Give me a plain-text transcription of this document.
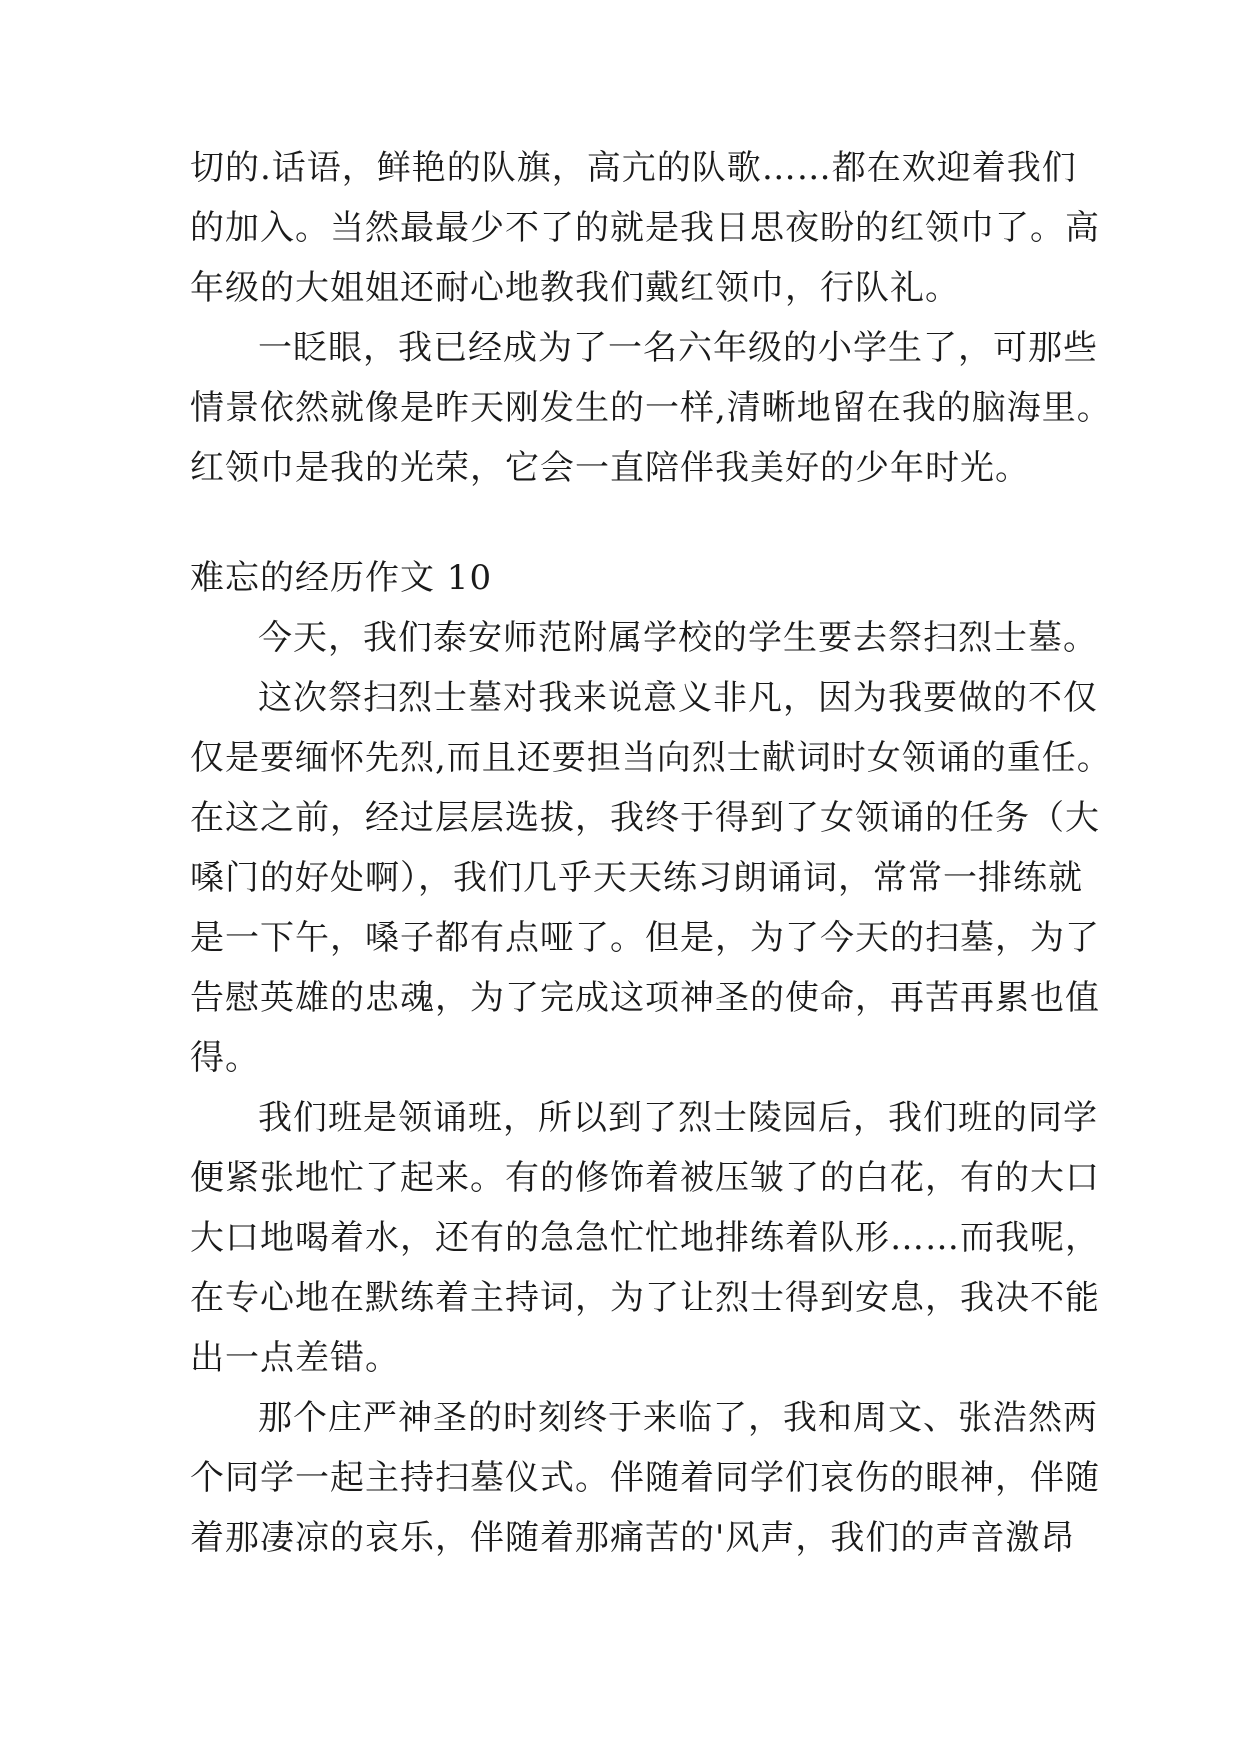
切的.话语，鲜艳的队旗，高亢的队歌……都在欢迎着我们
的加入。当然最最少不了的就是我日思夜盼的红领巾了。高
年级的大姐姐还耐心地教我们戴红领巾，行队礼。
一眨眼，我已经成为了一名六年级的小学生了，可那些
情景依然就像是昨天刚发生的一样,清晰地留在我的脑海里。
红领巾是我的光荣，它会一直陪伴我美好的少年时光。
难忘的经历作文 10
今天，我们泰安师范附属学校的学生要去祭扫烈士墓。
这次祭扫烈士墓对我来说意义非凡，因为我要做的不仅
仅是要缅怀先烈,而且还要担当向烈士献词时女领诵的重任。
在这之前，经过层层选拔，我终于得到了女领诵的任务（大
嗓门的好处啊），我们几乎天天练习朗诵词，常常一排练就
是一下午，嗓子都有点哑了。但是，为了今天的扫墓，为了
告慰英雄的忠魂，为了完成这项神圣的使命，再苦再累也值
得。
我们班是领诵班，所以到了烈士陵园后，我们班的同学
便紧张地忙了起来。有的修饰着被压皱了的白花，有的大口
大口地喝着水，还有的急急忙忙地排练着队形……而我呢，
在专心地在默练着主持词，为了让烈士得到安息，我决不能
出一点差错。
那个庄严神圣的时刻终于来临了，我和周文、张浩然两
个同学一起主持扫墓仪式。伴随着同学们哀伤的眼神，伴随
着那凄凉的哀乐，伴随着那痛苦的'风声，我们的声音激昂
